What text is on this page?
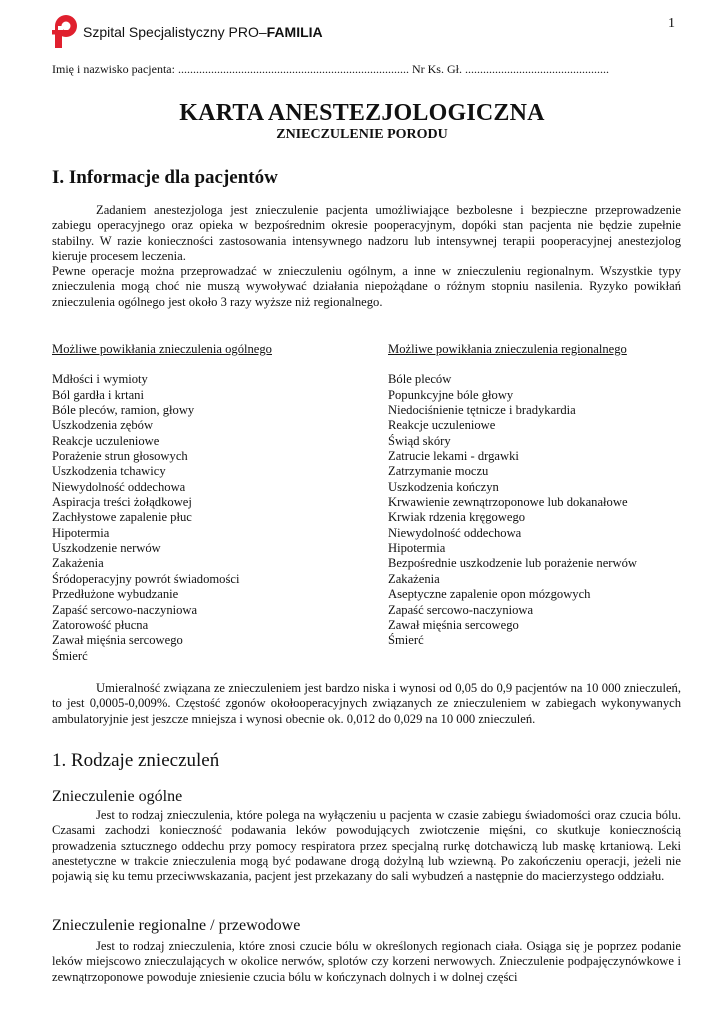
Szpital Specjalistyczny PRO–FAMILIA
1
Imię i nazwisko pacjenta: ............................................................................. Nr Ks. Gł. ................................................
KARTA ANESTEZJOLOGICZNA
ZNIECZULENIE PORODU
I. Informacje dla pacjentów

Zadaniem anestezjologa jest znieczulenie pacjenta umożliwiające bezbolesne i bezpieczne przeprowadzenie zabiegu operacyjnego oraz opieka w bezpośrednim okresie pooperacyjnym, dopóki stan pacjenta nie będzie zupełnie stabilny. W razie konieczności zastosowania intensywnego nadzoru lub intensywnej terapii pooperacyjnej anestezjolog kieruje procesem leczenia.

Pewne operacje można przeprowadzać w znieczuleniu ogólnym, a inne w znieczuleniu regionalnym. Wszystkie typy znieczulenia mogą choć nie muszą wywoływać działania niepożądane o różnym stopniu nasilenia. Ryzyko powikłań znieczulenia ogólnego jest około 3 razy wyższe niż regionalnego.

Możliwe powikłania znieczulenia ogólnego
Mdłości i wymioty
Ból gardła i krtani
Bóle pleców, ramion, głowy
Uszkodzenia zębów
Reakcje uczuleniowe
Porażenie strun głosowych
Uszkodzenia tchawicy
Niewydolność oddechowa
Aspiracja treści żołądkowej
Zachłystowe zapalenie płuc
Hipotermia
Uszkodzenie nerwów
Zakażenia
Śródoperacyjny powrót świadomości
Przedłużone wybudzanie
Zapaść sercowo-naczyniowa
Zatorowość płucna
Zawał mięśnia sercowego
Śmierć
Możliwe powikłania znieczulenia regionalnego
Bóle pleców
Popunkcyjne bóle głowy
Niedociśnienie tętnicze i bradykardia
Reakcje uczuleniowe
Świąd skóry
Zatrucie lekami - drgawki
Zatrzymanie moczu
Uszkodzenia kończyn
Krwawienie zewnątrzoponowe lub dokanałowe
Krwiak rdzenia kręgowego
Niewydolność oddechowa
Hipotermia
Bezpośrednie uszkodzenie lub porażenie nerwów
Zakażenia
Aseptyczne zapalenie opon mózgowych
Zapaść sercowo-naczyniowa
Zawał mięśnia sercowego
Śmierć

Umieralność związana ze znieczuleniem jest bardzo niska i wynosi od 0,05 do 0,9 pacjentów na 10 000 znieczuleń, to jest 0,0005-0,009%. Częstość zgonów okołooperacyjnych związanych ze znieczuleniem w zabiegach wykonywanych ambulatoryjnie jest jeszcze mniejsza i wynosi obecnie ok. 0,012 do 0,029 na 10 000 znieczuleń.

1. Rodzaje znieczuleń
Znieczulenie ogólne

Jest to rodzaj znieczulenia, które polega na wyłączeniu u pacjenta w czasie zabiegu świadomości oraz czucia bólu. Czasami zachodzi konieczność podawania leków powodujących zwiotczenie mięśni, co skutkuje koniecznością prowadzenia sztucznego oddechu przy pomocy respiratora przez specjalną rurkę dotchawiczą lub maskę krtaniową. Leki anestetyczne w trakcie znieczulenia mogą być podawane drogą dożylną lub wziewną. Po zakończeniu operacji, jeżeli nie pojawią się ku temu przeciwwskazania, pacjent jest przekazany do sali wybudzeń a następnie do macierzystego oddziału.

Znieczulenie regionalne / przewodowe

Jest to rodzaj znieczulenia, które znosi czucie bólu w określonych regionach ciała. Osiąga się je poprzez podanie leków miejscowo znieczulających w okolice nerwów, splotów czy korzeni nerwowych. Znieczulenie podpajęczynówkowe i zewnątrzoponowe powoduje zniesienie czucia bólu w kończynach dolnych i w dolnej części
